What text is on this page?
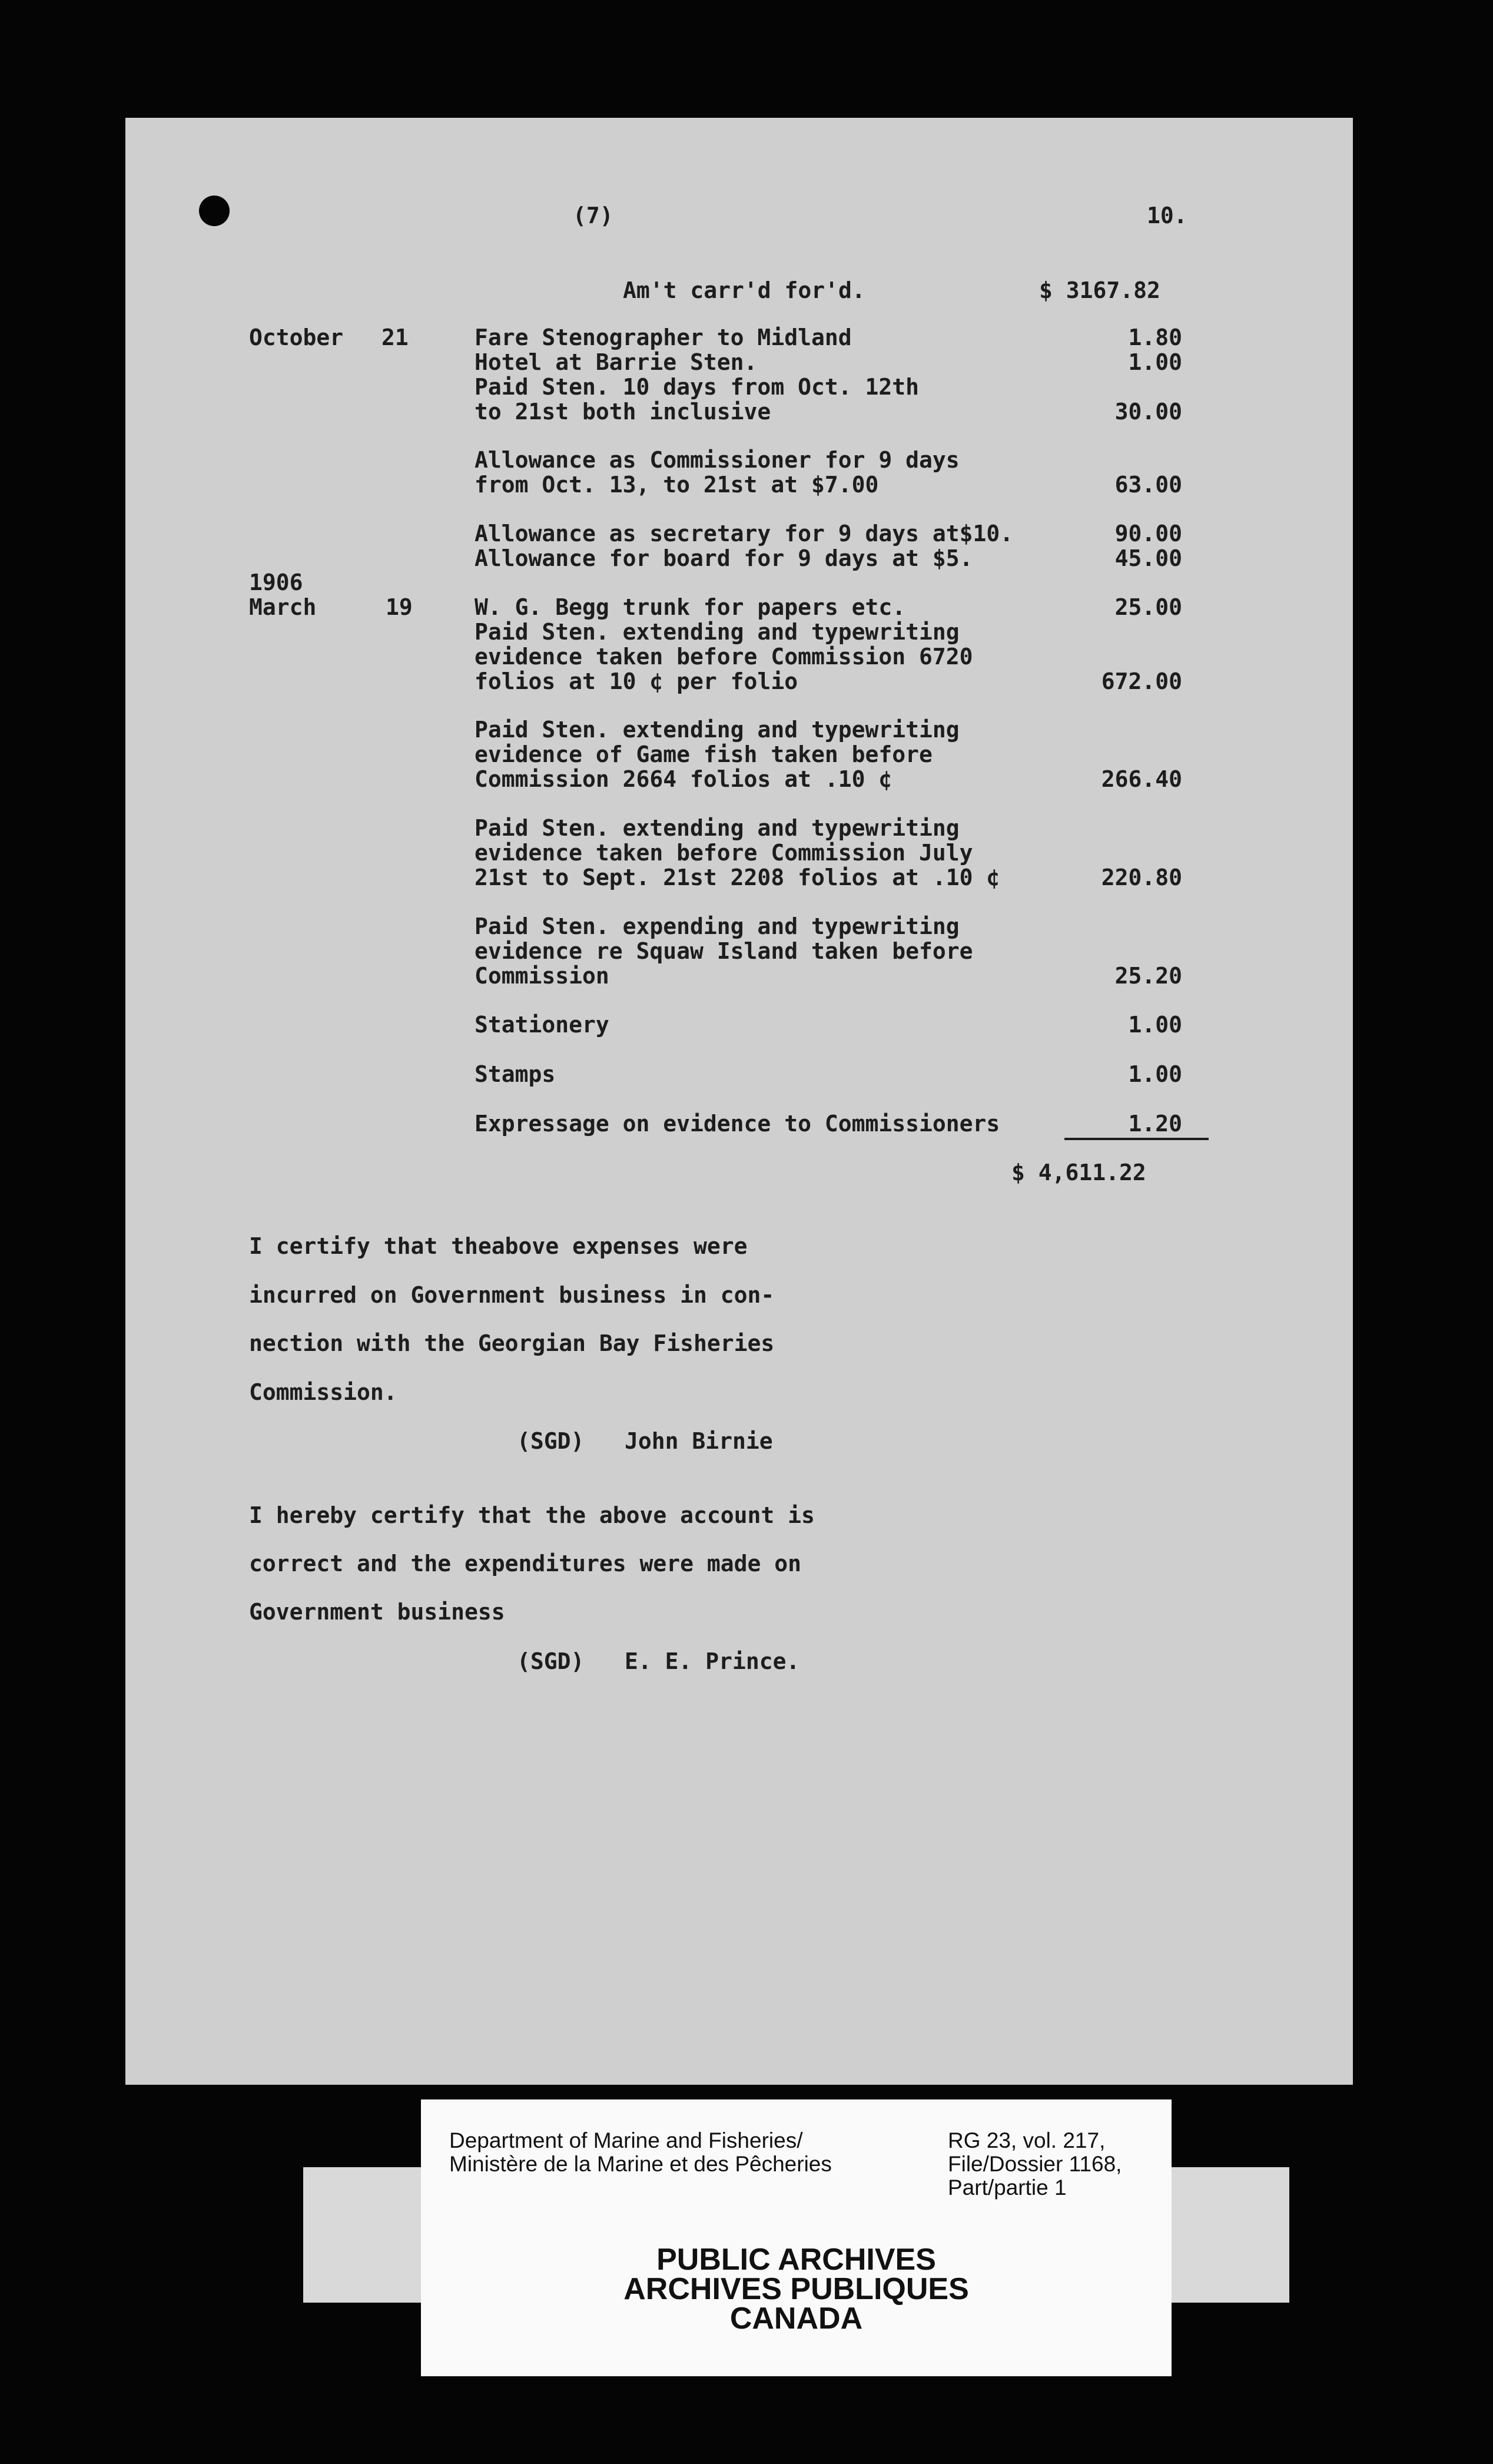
(7)	10.
Am't carr'd for'd.	$ 3167.82
October 21	Fare Stenographer to Midland	1.80
Hotel at Barrie Sten.	1.00
Paid Sten. 10 days from Oct. 12th
to 21st both inclusive	30.00
Allowance as Commissioner for 9 days
from Oct. 13, to 21st at $7.00	63.00
Allowance as secretary for 9 days at$10.	90.00
Allowance for board for 9 days at $5.	45.00
1906
March	19	W. G. Begg trunk for papers etc.	25.00
Paid Sten. extending and typewriting
evidence taken before Commission 6720
folios at 10 ¢ per folio	672.00
Paid Sten. extending and typewriting
evidence of Game fish taken before
Commission 2664 folios at .10 ¢	266.40
Paid Sten. extending and typewriting
evidence taken before Commission July
21st to Sept. 21st 2208 folios at .10 ¢	220.80
Paid Sten. expending and typewriting
evidence re Squaw Island taken before
Commission	25.20
Stationery	1.00
Stamps	1.00
Expressage on evidence to Commissioners	1.20
$ 4,611.22
I certify that theabove expenses were
incurred on Government business in con-
nection with the Georgian Bay Fisheries
Commission.
(SGD)   John Birnie
I hereby certify that the above account is
correct and the expenditures were made on
Government business
(SGD)   E. E. Prince.
Department of Marine and Fisheries/
Ministère de la Marine et des Pêcheries
RG 23, vol. 217,
File/Dossier 1168,
Part/partie 1
PUBLIC ARCHIVES
ARCHIVES PUBLIQUES
CANADA
